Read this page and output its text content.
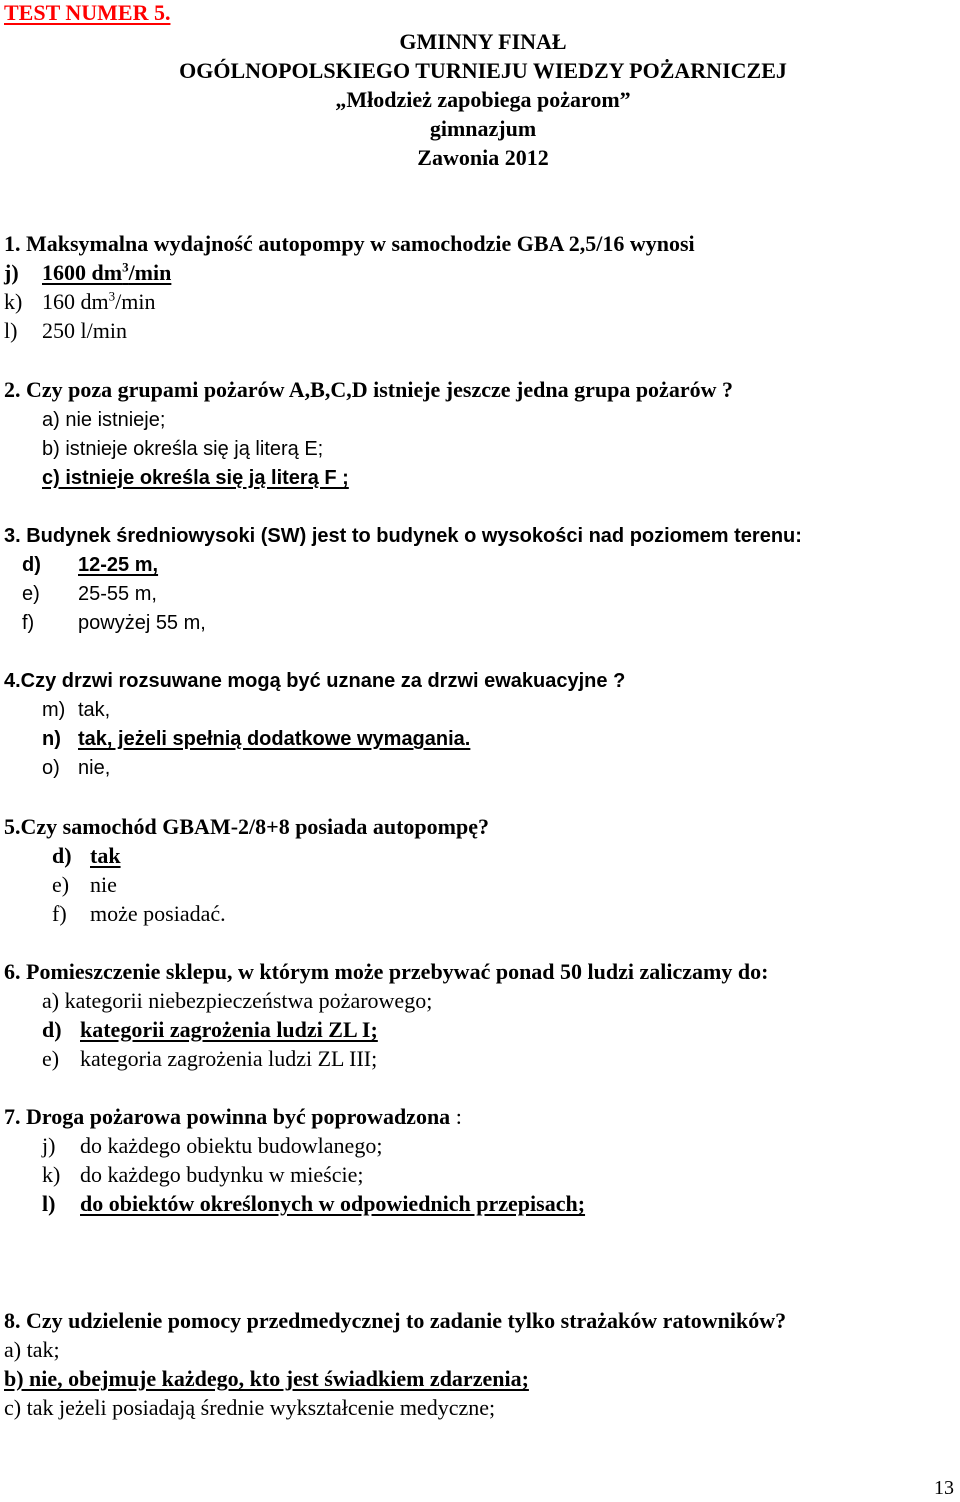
TEST NUMER 5.
GMINNY FINAŁ
OGÓLNOPOLSKIEGO TURNIEJU WIEDZY POŻARNICZEJ
„Młodzież zapobiega pożarom”
gimnazjum
Zawonia 2012
1. Maksymalna wydajność autopompy w samochodzie GBA 2,5/16 wynosi
j) 1600 $dm^3/\min$
k) 160 $dm^3/\min$
l) 250 l/min
2. Czy poza grupami pożarów A,B,C,D istnieje jeszcze jedna grupa pożarów ?
a) nie istnieje;
b) istnieje określa się ją literą E;
c) istnieje określa się ją literą F ;
3. Budynek średniowysoki (SW) jest to budynek o wysokości nad poziomem terenu:
d) 12-25 m,
e) 25-55 m,
f) powyżej 55 m,
4.Czy drzwi rozsuwane mogą być uznane za drzwi ewakuacyjne ?
m) tak,
n) tak, jeżeli spełnią dodatkowe wymagania.
o) nie,
5.Czy samochód GBAM-2/8+8 posiada autopompę?
d) tak
e) nie
f) może posiadać.
6. Pomieszczenie sklepu, w którym może przebywać ponad 50 ludzi zaliczamy do:
a) kategorii niebezpieczeństwa pożarowego;
d) kategorii zagrożenia ludzi ZL I;
e) kategoria zagrożenia ludzi ZL III;
7. Droga pożarowa powinna być poprowadzona :
j) do każdego obiektu budowlanego;
k) do każdego budynku w mieście;
l) do obiektów określonych w odpowiednich przepisach;
8. Czy udzielenie pomocy przedmedycznej to zadanie tylko strażaków ratowników?
a) tak;
b) nie, obejmuje każdego, kto jest świadkiem zdarzenia;
c) tak jeżeli posiadają średnie wykształcenie medyczne;
13
